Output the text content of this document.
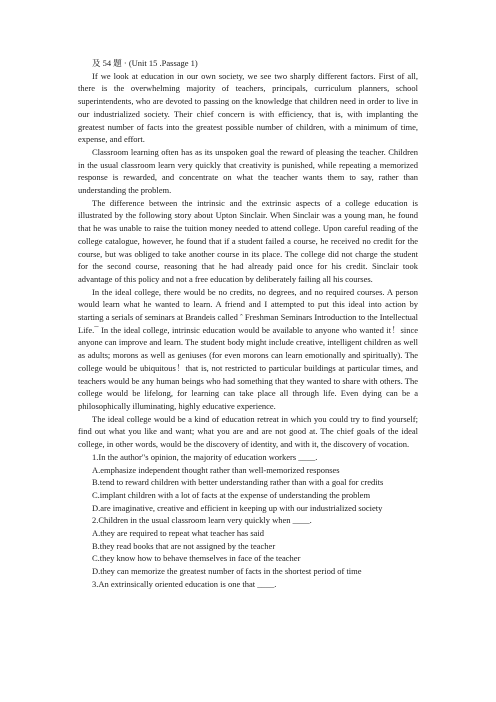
及 54 題 · (Unit 15 .Passage 1)

If we look at education in our own society, we see two sharply different factors. First of all, there is the overwhelming majority of teachers, principals, curriculum planners, school superintendents, who are devoted to passing on the knowledge that children need in order to live in our industrialized society. Their chief concern is with efficiency, that is, with implanting the greatest number of facts into the greatest possible number of children, with a minimum of time, expense, and effort.

Classroom learning often has as its unspoken goal the reward of pleasing the teacher. Children in the usual classroom learn very quickly that creativity is punished, while repeating a memorized response is rewarded, and concentrate on what the teacher wants them to say, rather than understanding the problem.

The difference between the intrinsic and the extrinsic aspects of a college education is illustrated by the following story about Upton Sinclair. When Sinclair was a young man, he found that he was unable to raise the tuition money needed to attend college. Upon careful reading of the college catalogue, however, he found that if a student failed a course, he received no credit for the course, but was obliged to take another course in its place. The college did not charge the student for the second course, reasoning that he had already paid once for his credit. Sinclair took advantage of this policy and not a free education by deliberately failing all his courses.

In the ideal college, there would be no credits, no degrees, and no required courses. A person would learn what he wanted to learn. A friend and I attempted to put this ideal into action by starting a serials of seminars at Brandeis called ˆ Freshman Seminars Introduction to the Intellectual Life.¯ In the ideal college, intrinsic education would be available to anyone who wanted it！since anyone can improve and learn. The student body might include creative, intelligent children as well as adults; morons as well as geniuses (for even morons can learn emotionally and spiritually). The college would be ubiquitous！that is, not restricted to particular buildings at particular times, and teachers would be any human beings who had something that they wanted to share with others. The college would be lifelong, for learning can take place all through life. Even dying can be a philosophically illuminating, highly educative experience.

The ideal college would be a kind of education retreat in which you could try to find yourself; find out what you like and want; what you are and are not good at. The chief goals of the ideal college, in other words, would be the discovery of identity, and with it, the discovery of vocation.

1.In the author"s opinion, the majority of education workers ____.

A.emphasize independent thought rather than well-memorized responses

B.tend to reward children with better understanding rather than with a goal for credits

C.implant children with a lot of facts at the expense of understanding the problem

D.are imaginative, creative and efficient in keeping up with our industrialized society

2.Children in the usual classroom learn very quickly when ____.

A.they are required to repeat what teacher has said

B.they read books that are not assigned by the teacher

C.they know how to behave themselves in face of the teacher

D.they can memorize the greatest number of facts in the shortest period of time

3.An extrinsically oriented education is one that ____.
